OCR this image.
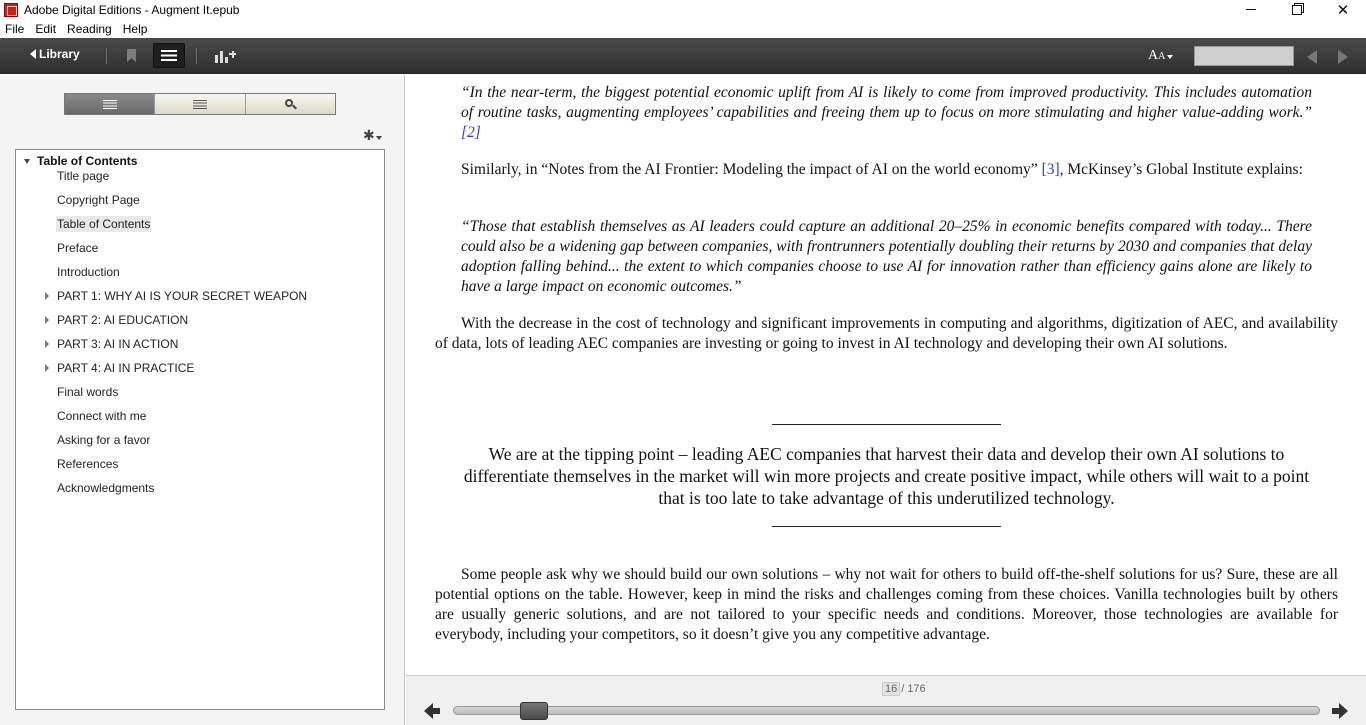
Adobe Digital Editions - Augment It.epub	✕
File Edit Reading Help
Library	A A
✱
Table of Contents
Title page
Copyright Page
Table of Contents
Preface
Introduction
PART 1: WHY AI IS YOUR SECRET WEAPON
PART 2: AI EDUCATION
PART 3: AI IN ACTION
PART 4: AI IN PRACTICE
Final words
Connect with me
Asking for a favor
References
Acknowledgments
“In the near-term, the biggest potential economic uplift from AI is likely to come from improved productivity. This includes automation of routine tasks, augmenting employees’ capabilities and freeing them up to focus on more stimulating and higher value-adding work.” [2]
Similarly, in “Notes from the AI Frontier: Modeling the impact of AI on the world economy” [3], McKinsey’s Global Institute explains:
“Those that establish themselves as AI leaders could capture an additional 20–25% in economic benefits compared with today... There could also be a widening gap between companies, with frontrunners potentially doubling their returns by 2030 and companies that delay adoption falling behind... the extent to which companies choose to use AI for innovation rather than efficiency gains alone are likely to have a large impact on economic outcomes.”
With the decrease in the cost of technology and significant improvements in computing and algorithms, digitization of AEC, and availability of data, lots of leading AEC companies are investing or going to invest in AI technology and developing their own AI solutions.
We are at the tipping point – leading AEC companies that harvest their data and develop their own AI solutions to differentiate themselves in the market will win more projects and create positive impact, while others will wait to a point that is too late to take advantage of this underutilized technology.
Some people ask why we should build our own solutions – why not wait for others to build off-the-shelf solutions for us? Sure, these are all potential options on the table. However, keep in mind the risks and challenges coming from these choices. Vanilla technologies built by others are usually generic solutions, and are not tailored to your specific needs and conditions. Moreover, those technologies are available for everybody, including your competitors, so it doesn’t give you any competitive advantage.
16 / 176
